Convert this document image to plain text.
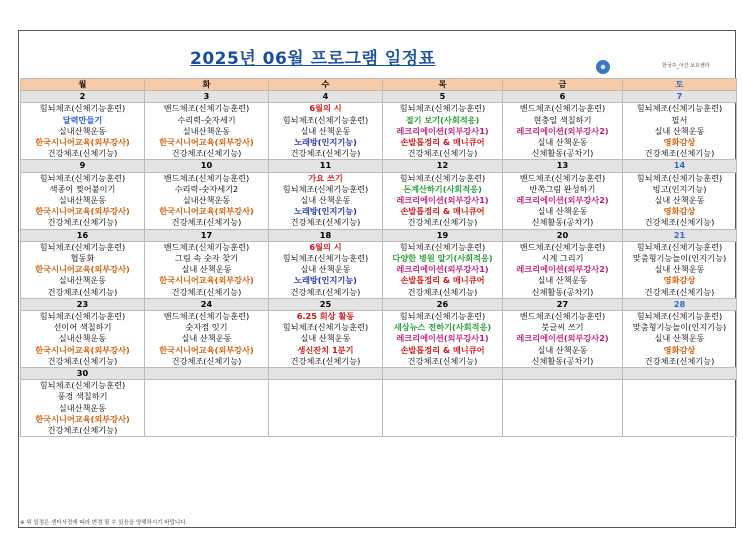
2025년 06월 프로그램 일정표	한국주_아간 보호센터
월	화	수	목	금	토
2	3	4	5	6	7
힘뇌체조(신체기능훈련)	밴드체조(신체기능훈련)	6월의 시	힘뇌체조(신체기능훈련)	밴드체조(신체기능훈련)	힘뇌체조(신체기능훈련)
달력만들기	수리력-숫자세기	힘뇌체조(신체기능훈련)	절기 보기(사회적응)	현충일 색칠하기	필서
실내산책운동	실내산책운동	실내 산책운동	레크리에이션(외부강사1)	레크리에이션(외부강사2)	실내 산책운동
한국시니어교육(외부강사)	한국시니어교육(외부강사)	노래방(인지기능)	손발톱정리 & 매니큐어	실내 산책운동	영화감상
건강체조(신체기능)	건강체조(신체기능)	건강체조(신체기능)	건강체조(신체기능)	신체활동(공차기)	건강체조(신체기능)
9	10	11	12	13	14
힘뇌체조(신체기능훈련)	밴드체조(신체기능훈련)	가요 쓰기	힘뇌체조(신체기능훈련)	밴드체조(신체기능훈련)	힘뇌체조(신체기능훈련)
색종이 찢어붙이기	수리력-숫자세기2	힘뇌체조(신체기능훈련)	돈계산하기(사회적응)	반쪽그림 완성하기	빙고(인지기능)
실내산책운동	실내산책운동	실내 산책운동	레크리에이션(외부강사1)	레크리에이션(외부강사2)	실내 산책운동
한국시니어교육(외부강사)	한국시니어교육(외부강사)	노래방(인지기능)	손발톱정리 & 매니큐어	실내 산책운동	영화감상
건강체조(신체기능)	건강체조(신체기능)	건강체조(신체기능)	건강체조(신체기능)	신체활동(공차기)	건강체조(신체기능)
16	17	18	19	20	21
힘뇌체조(신체기능훈련)	밴드체조(신체기능훈련)	6월의 시	힘뇌체조(신체기능훈련)	밴드체조(신체기능훈련)	힘뇌체조(신체기능훈련)
협동화	그림 속 숫자 찾기	힘뇌체조(신체기능훈련)	다양한 병원 알기(사회적응)	시계 그리기	맞춤형기능놀이(인지기능)
한국시니어교육(외부강사)	실내 산책운동	실내 산책운동	레크리에이션(외부강사1)	레크리에이션(외부강사2)	실내 산책운동
실내산책운동	한국시니어교육(외부강사)	노래방(인지기능)	손발톱정리 & 매니큐어	실내 산책운동	영화감상
건강체조(신체기능)	건강체조(신체기능)	건강체조(신체기능)	건강체조(신체기능)	신체활동(공차기)	건강체조(신체기능)
23	24	25	26	27	28
힘뇌체조(신체기능훈련)	밴드체조(신체기능훈련)	6.25 회상 활동	힘뇌체조(신체기능훈련)	밴드체조(신체기능훈련)	힘뇌체조(신체기능훈련)
선이어 색칠하기	숫자점 잇기	힘뇌체조(신체기능훈련)	새상뉴스 전하기(사회적응)	붓글씨 쓰기	맞춤형기능놀이(인지기능)
실내산책운동	실내 산책운동	실내 산책운동	레크리에이션(외부강사1)	레크리에이션(외부강사2)	실내 산책운동
한국시니어교육(외부강사)	한국시니어교육(외부강사)	생신잔치 1분기	손발톱정리 & 매니큐어	실내 산책운동	영화감상
건강체조(신체기능)	건강체조(신체기능)	건강체조(신체기능)	건강체조(신체기능)	신체활동(공차기)	건강체조(신체기능)
30					
힘뇌체조(신체기능훈련)					
풍경 색칠하기					
실내산책운동					
한국시니어교육(외부강사)					
건강체조(신체기능)					
※ 위 일정은 센터사정에 따라 변경 될 수 있음을 양해하시기 바랍니다.
